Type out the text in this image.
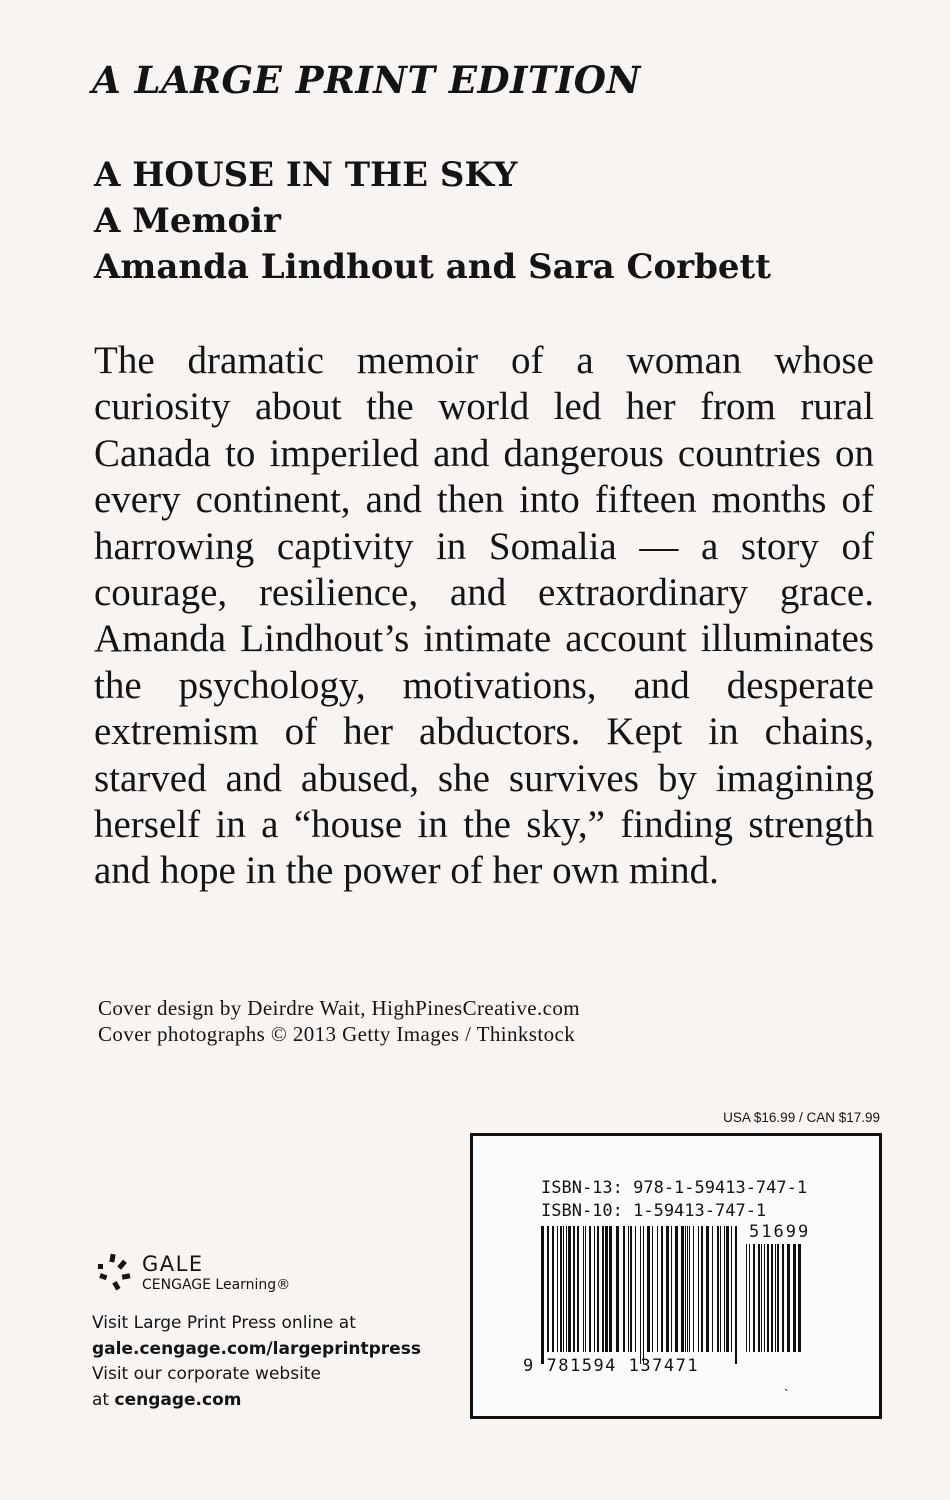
A LARGE PRINT EDITION
A HOUSE IN THE SKY
A Memoir
Amanda Lindhout and Sara Corbett

The dramatic memoir of a woman whose curiosity about the world led her from rural Canada to imperiled and dangerous countries on every continent, and then into fifteen months of harrowing captivity in Somalia — a story of courage, resilience, and extraordinary grace. Amanda Lindhout’s intimate account illuminates the psychology, motivations, and desperate extremism of her abductors. Kept in chains, starved and abused, she survives by imagining herself in a “house in the sky,” finding strength and hope in the power of her own mind.

Cover design by Deirdre Wait, HighPinesCreative.com
Cover photographs © 2013 Getty Images / Thinkstock
USA $16.99 / CAN $17.99
ISBN-13: 978-1-59413-747-1
ISBN-10: 1-59413-747-1
51699
9 781594 137471
`
GALE
CENGAGE Learning®
Visit Large Print Press online at
gale.cengage.com/largeprintpress
Visit our corporate website
at cengage.com
